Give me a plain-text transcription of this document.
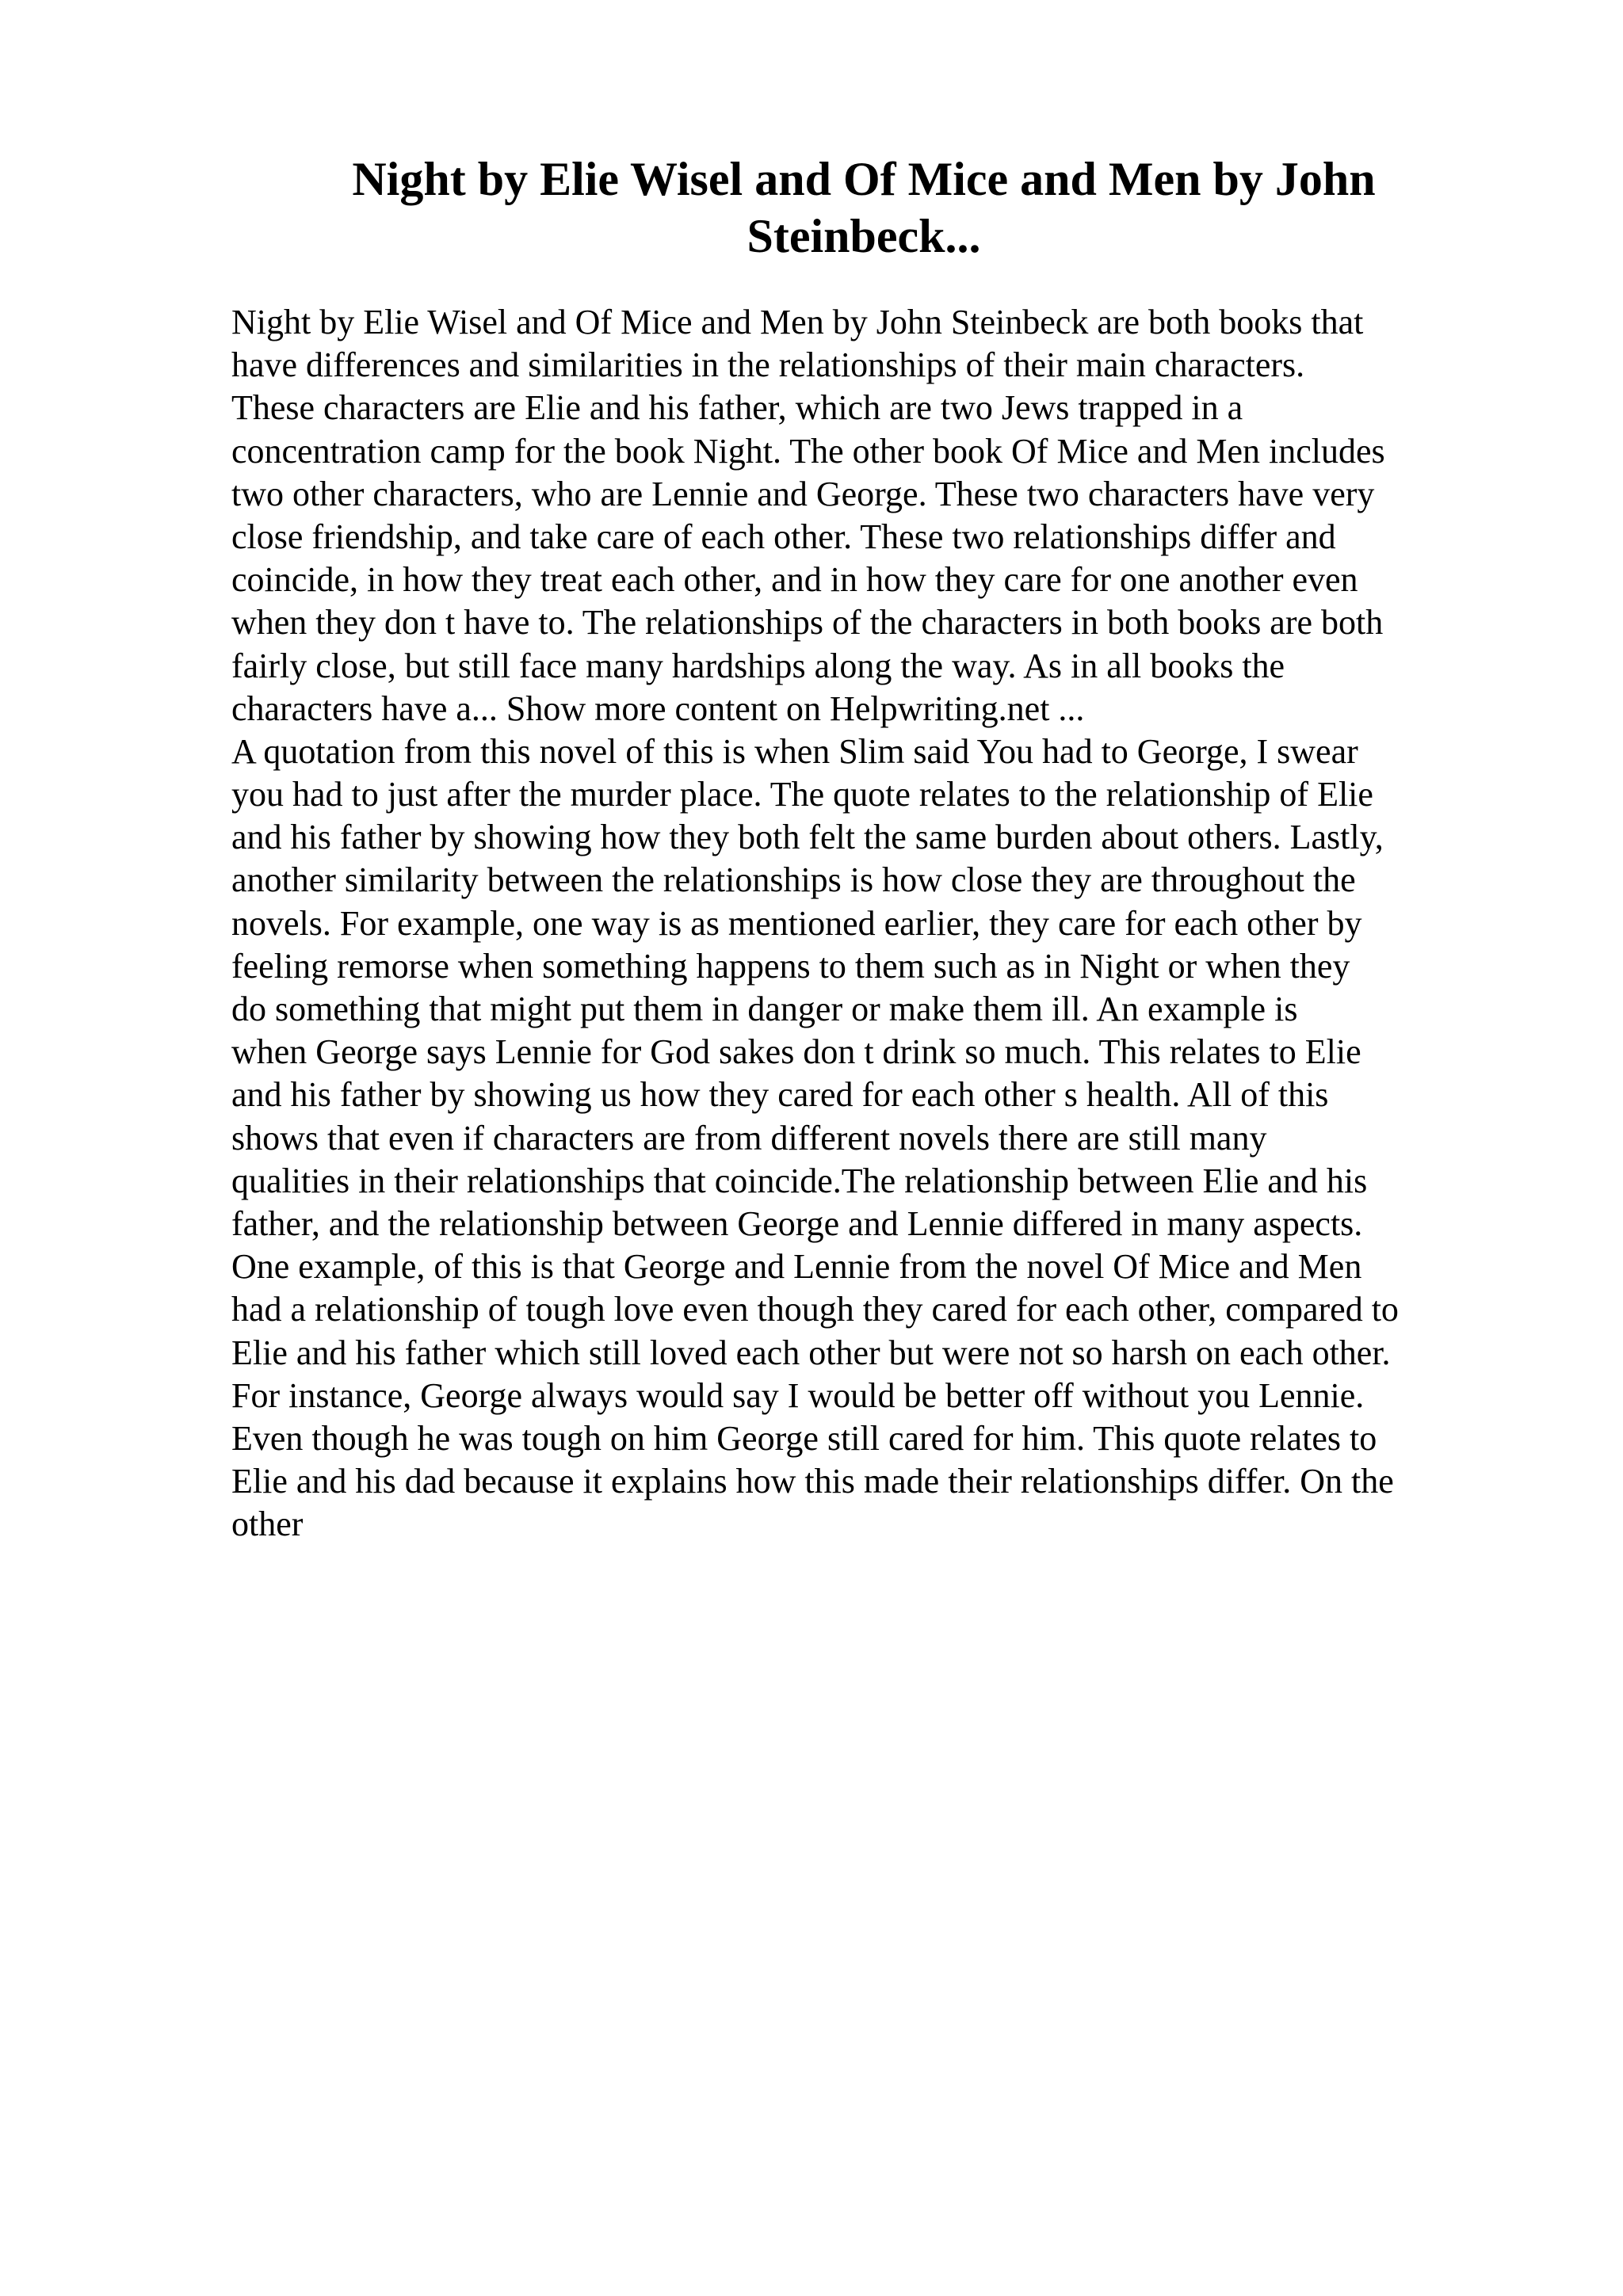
Night by Elie Wisel and Of Mice and Men by John Steinbeck...
Night by Elie Wisel and Of Mice and Men by John Steinbeck are both books that
have differences and similarities in the relationships of their main characters.
These characters are Elie and his father, which are two Jews trapped in a
concentration camp for the book Night. The other book Of Mice and Men includes
two other characters, who are Lennie and George. These two characters have very
close friendship, and take care of each other. These two relationships differ and
coincide, in how they treat each other, and in how they care for one another even
when they don t have to. The relationships of the characters in both books are both
fairly close, but still face many hardships along the way. As in all books the
characters have a... Show more content on Helpwriting.net ...
A quotation from this novel of this is when Slim said You had to George, I swear
you had to just after the murder place. The quote relates to the relationship of Elie
and his father by showing how they both felt the same burden about others. Lastly,
another similarity between the relationships is how close they are throughout the
novels. For example, one way is as mentioned earlier, they care for each other by
feeling remorse when something happens to them such as in Night or when they
do something that might put them in danger or make them ill. An example is
when George says Lennie for God sakes don t drink so much. This relates to Elie
and his father by showing us how they cared for each other s health. All of this
shows that even if characters are from different novels there are still many
qualities in their relationships that coincide.The relationship between Elie and his
father, and the relationship between George and Lennie differed in many aspects.
One example, of this is that George and Lennie from the novel Of Mice and Men
had a relationship of tough love even though they cared for each other, compared to
Elie and his father which still loved each other but were not so harsh on each other.
For instance, George always would say I would be better off without you Lennie.
Even though he was tough on him George still cared for him. This quote relates to
Elie and his dad because it explains how this made their relationships differ. On the
other
